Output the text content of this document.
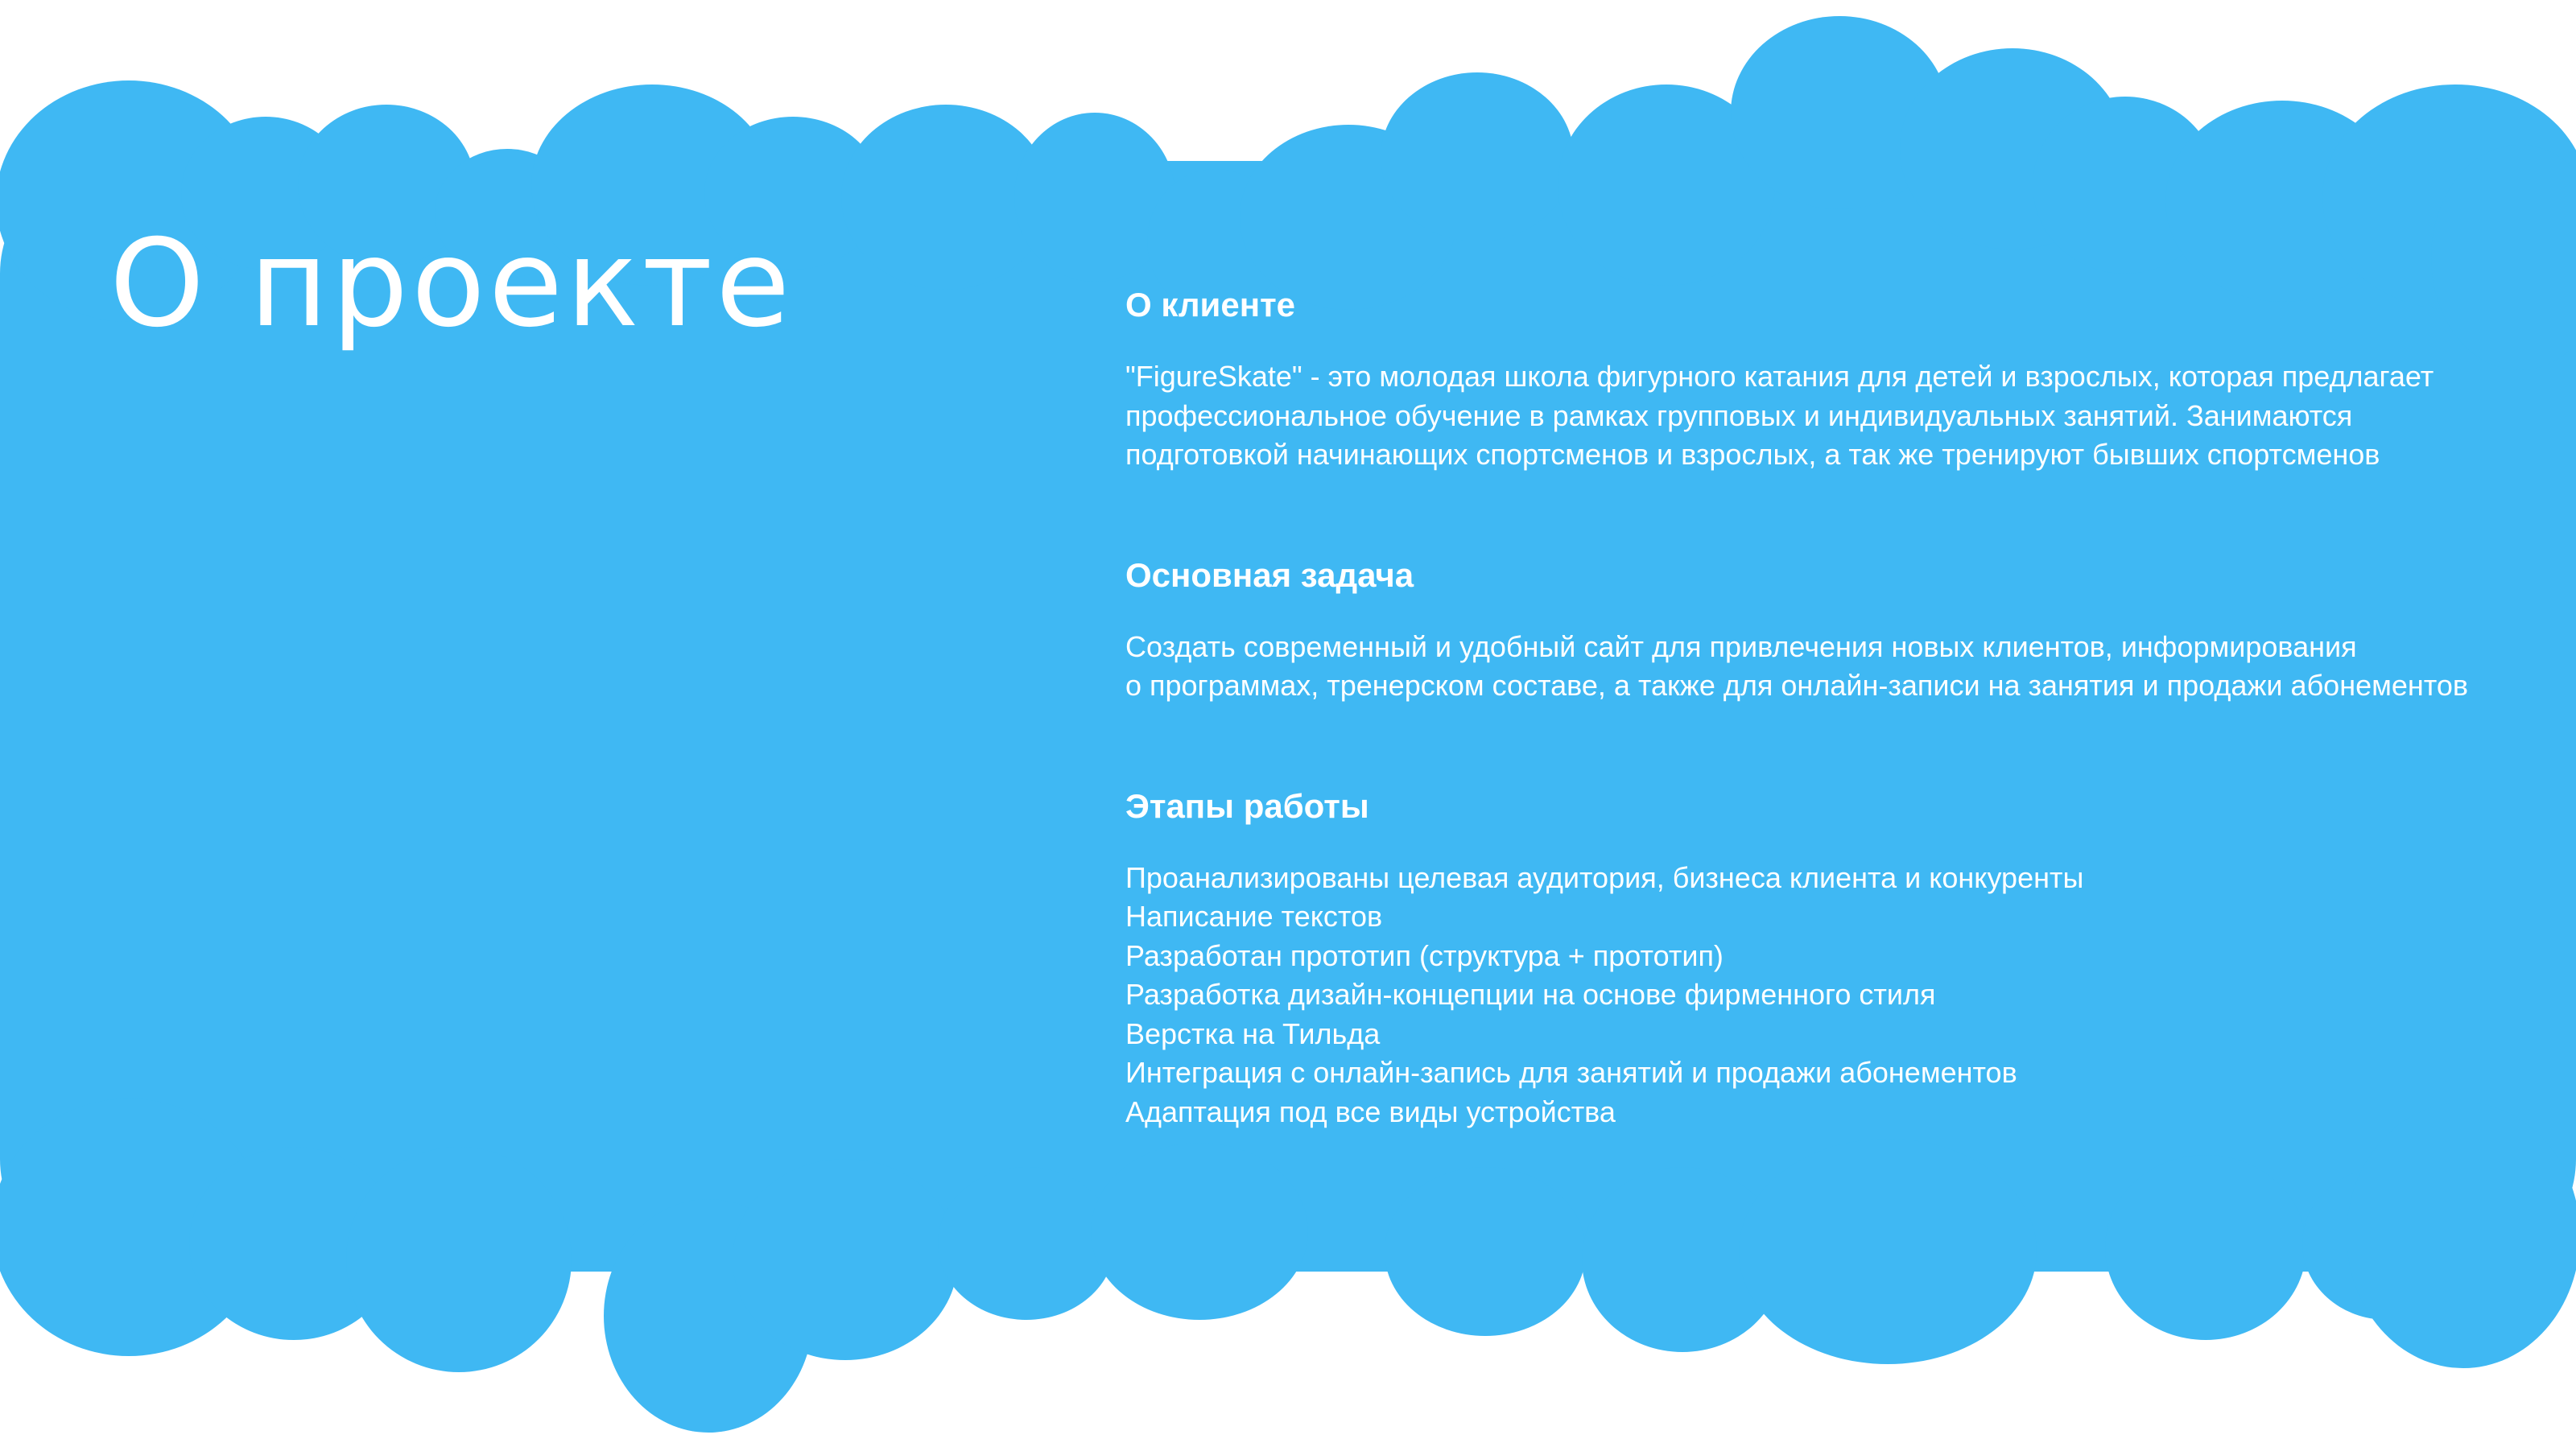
О проекте	О клиенте

"FigureSkate" - это молодая школа фигурного катания для детей и взрослых, которая предлагает
профессиональное обучение в рамках групповых и индивидуальных занятий. Занимаются
подготовкой начинающих спортсменов и взрослых, а так же тренируют бывших спортсменов

Основная задача

Создать современный и удобный сайт для привлечения новых клиентов, информирования
о программах, тренерском составе, а также для онлайн-записи на занятия и продажи абонементов

Этапы работы
Проанализированы целевая аудитория, бизнеса клиента и конкуренты
Написание текстов
Разработан прототип (структура + прототип)
Разработка дизайн-концепции на основе фирменного стиля
Верстка на Тильда
Интеграция с онлайн-запись для занятий и продажи абонементов
Адаптация под все виды устройства
